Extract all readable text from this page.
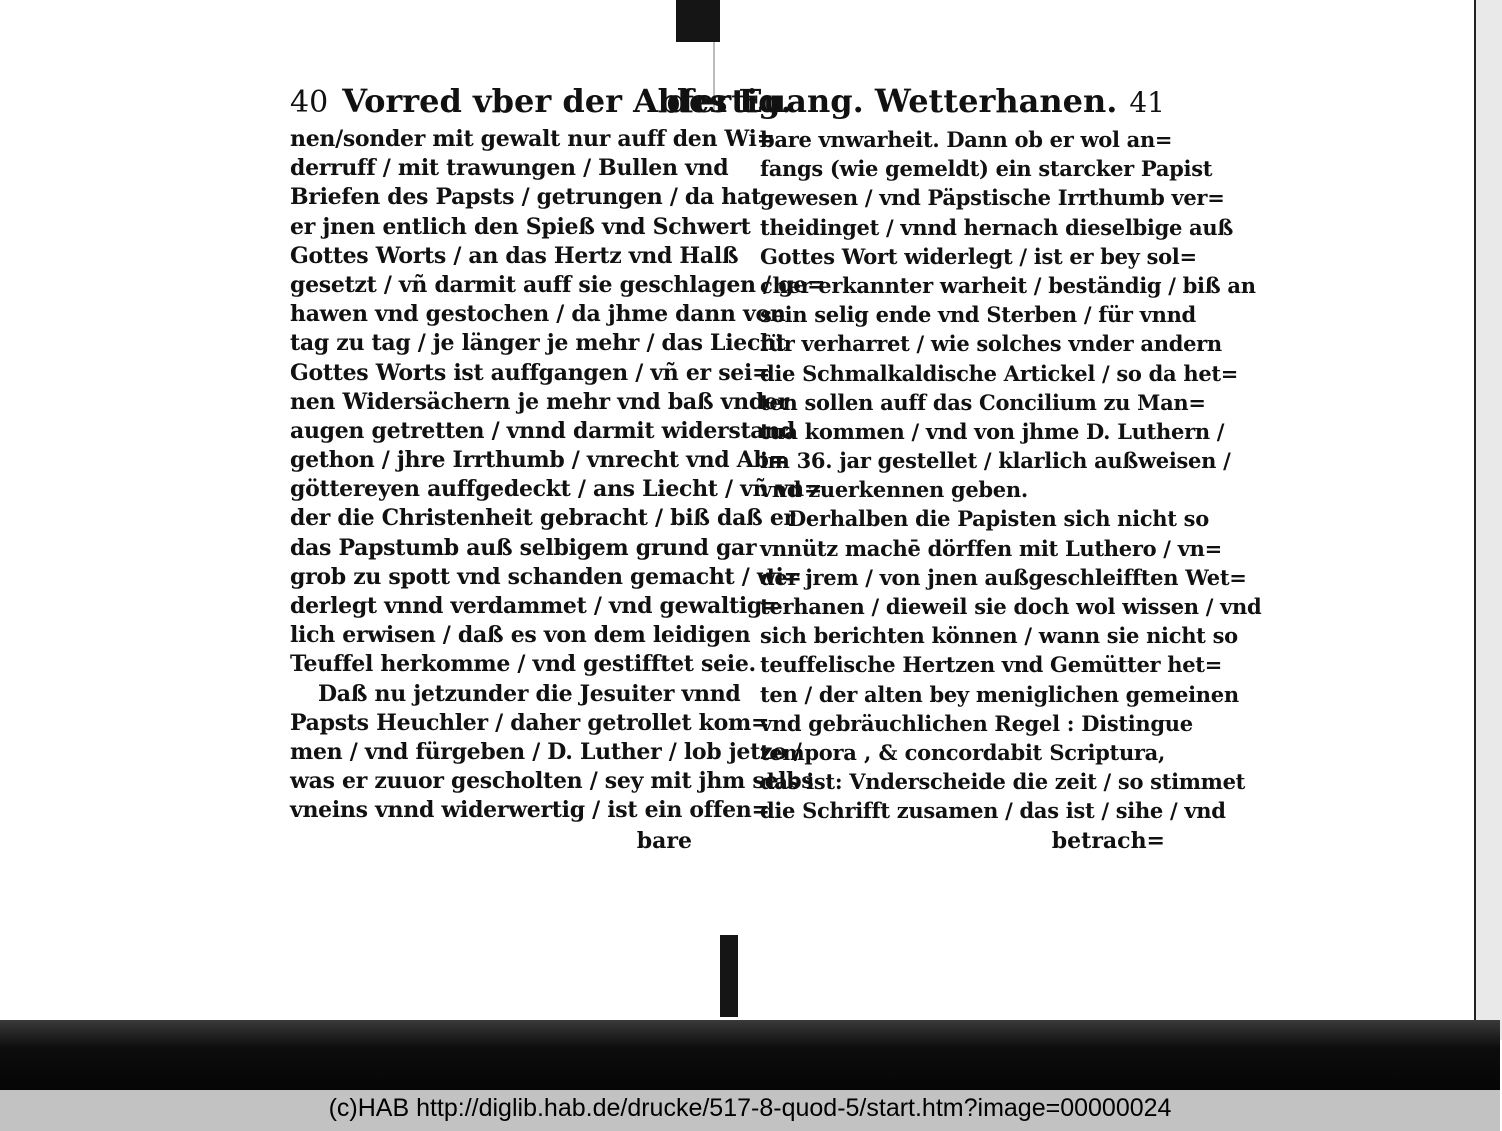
40 Vorred vber der Abfertig.
nen/sonder mit gewalt nur auff den Wi=
derruff / mit trawungen / Bullen vnd
Briefen des Papsts / getrungen / da hat
er jnen entlich den Spieß vnd Schwert
Gottes Worts / an das Hertz vnd Halß
gesetzt / vñ darmit auff sie geschlagen / ge=
hawen vnd gestochen / da jhme dann von
tag zu tag / je länger je mehr / das Liecht
Gottes Worts ist auffgangen / vñ er sei=
nen Widersächern je mehr vnd baß vnder
augen getretten / vnnd darmit widerstand
gethon / jhre Irrthumb / vnrecht vnd Ab=
göttereyen auffgedeckt / ans Liecht / vñ vn=
der die Christenheit gebracht / biß daß er
das Papstumb auß selbigem grund gar
grob zu spott vnd schanden gemacht / wi=
derlegt vnnd verdammet / vnd gewaltig=
lich erwisen / daß es von dem leidigen
Teuffel herkomme / vnd gestifftet seie.
Daß nu jetzunder die Jesuiter vnnd
Papsts Heuchler / daher getrollet kom=
men / vnd fürgeben / D. Luther / lob jetzo /
was er zuuor gescholten / sey mit jhm selbs
vneins vnnd widerwertig / ist ein offen=
bare
des Euang. Wetterhanen. 41
bare vnwarheit. Dann ob er wol an=
fangs (wie gemeldt) ein starcker Papist
gewesen / vnd Päpstische Irrthumb ver=
theidinget / vnnd hernach dieselbige auß
Gottes Wort widerlegt / ist er bey sol=
cher erkannter warheit / beständig / biß an
sein selig ende vnd Sterben / für vnnd
für verharret / wie solches vnder andern
die Schmalkaldische Artickel / so da het=
ten sollen auff das Concilium zu Man=
tua kommen / vnd von jhme D. Luthern /
im 36. jar gestellet / klarlich außweisen /
vnd zuerkennen geben.
Derhalben die Papisten sich nicht so
vnnütz machē dörffen mit Luthero / vn=
der jrem / von jnen außgeschleifften Wet=
terhanen / dieweil sie doch wol wissen / vnd
sich berichten können / wann sie nicht so
teuffelische Hertzen vnd Gemütter het=
ten / der alten bey meniglichen gemeinen
vnd gebräuchlichen Regel : Distingue
tempora , & concordabit Scriptura,
das ist: Vnderscheide die zeit / so stimmet
die Schrifft zusamen / das ist / sihe / vnd
betrach=
(c)HAB http://diglib.hab.de/drucke/517-8-quod-5/start.htm?image=00000024
